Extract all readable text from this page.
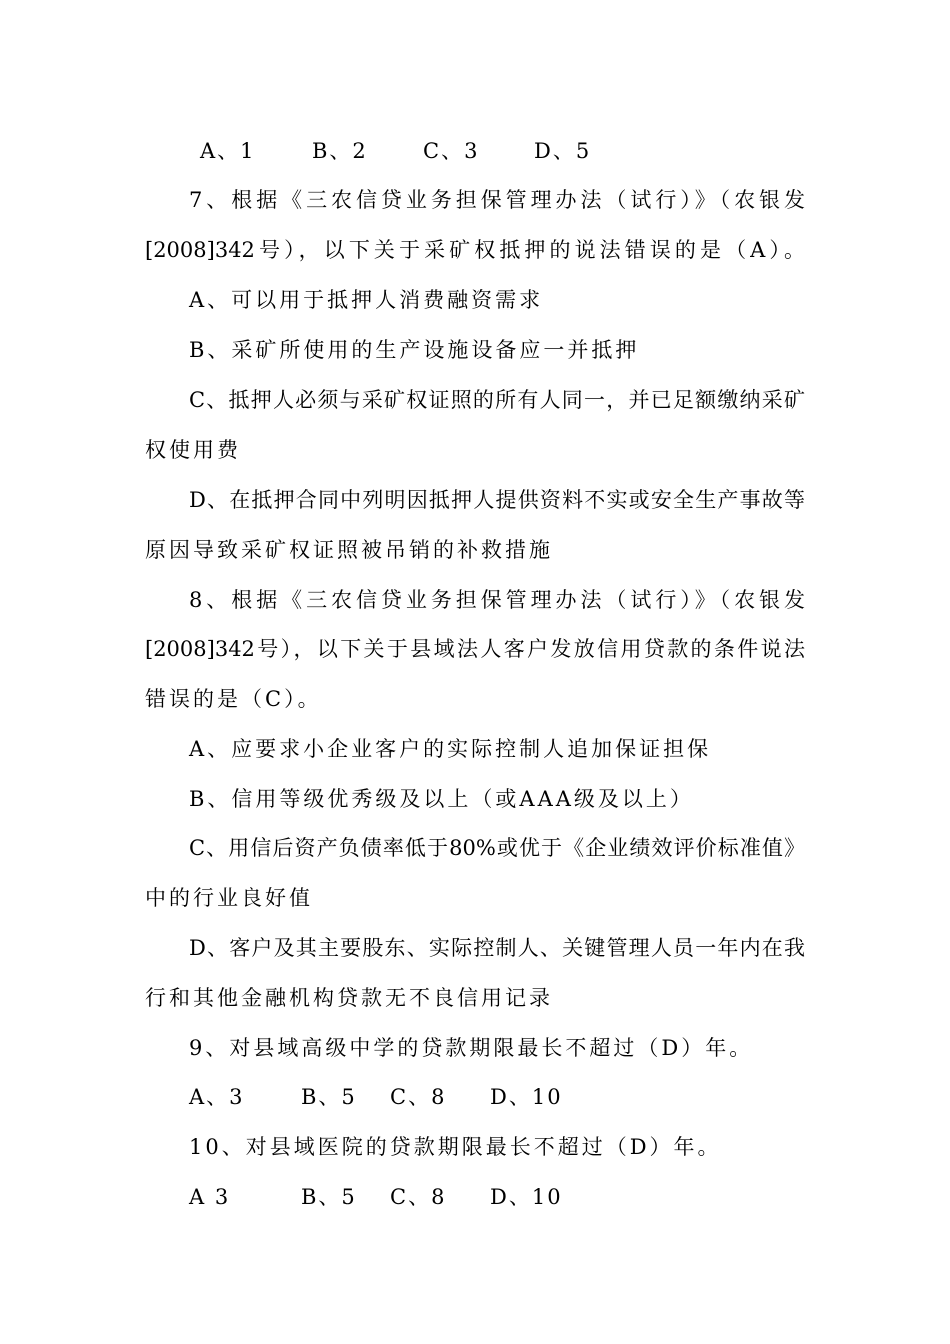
A、1	B、2	C、3	D、5
7、根据《三农信贷业务担保管理办法（试行）》（农银发
[2008]342号），以下关于采矿权抵押的说法错误的是（A）。
A、可以用于抵押人消费融资需求
B、采矿所使用的生产设施设备应一并抵押
C、抵押人必须与采矿权证照的所有人同一，并已足额缴纳采矿
权使用费
D、在抵押合同中列明因抵押人提供资料不实或安全生产事故等
原因导致采矿权证照被吊销的补救措施
8、根据《三农信贷业务担保管理办法（试行）》（农银发
[2008]342号），以下关于县域法人客户发放信用贷款的条件说法
错误的是（C）。
A、应要求小企业客户的实际控制人追加保证担保
B、信用等级优秀级及以上（或AAA级及以上）
C、用信后资产负债率低于80%或优于《企业绩效评价标准值》
中的行业良好值
D、客户及其主要股东、实际控制人、关键管理人员一年内在我
行和其他金融机构贷款无不良信用记录
9、对县域高级中学的贷款期限最长不超过（D）年。
A、3	B、5 C、8 D、10
10、对县域医院的贷款期限最长不超过（D）年。
A 3	B、5 C、8 D、10
